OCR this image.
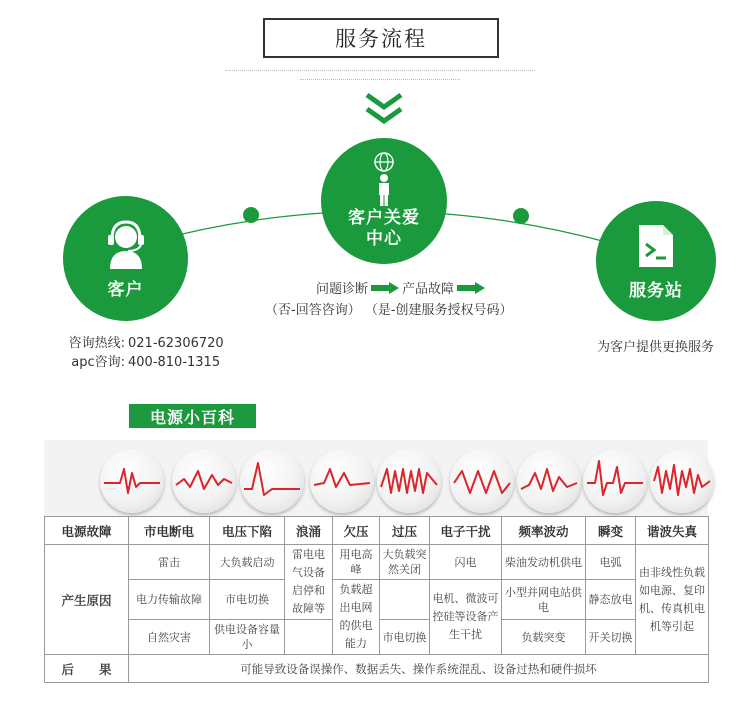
服务流程
客户
客户关爱
中心
服务站
咨询热线: 021-62306720
apc咨询: 400-810-1315
问题诊断	产品故障
（否-回答咨询） （是-创建服务授权号码）
为客户提供更换服务
电源小百科
电源故障	市电断电	电压下陷	浪涌	欠压	过压	电子干扰	频率波动	瞬变	谐波失真
产生原因	雷击	大负载启动	雷电电气设备启停和故障等	用电高峰	大负载突然关闭	闪电	柴油发动机供电	电弧	由非线性负载如电源、复印机、传真机电机等引起
	电力传输故障	市电切换		负载超出电网的供电能力		电机、微波可控硅等设备产生干扰	小型并网电站供电	静态放电	
	自然灾害	供电设备容量小			市电切换		负载突变	开关切换	
后　　果	可能导致设备误操作、数据丢失、操作系统混乱、设备过热和硬件损坏								
